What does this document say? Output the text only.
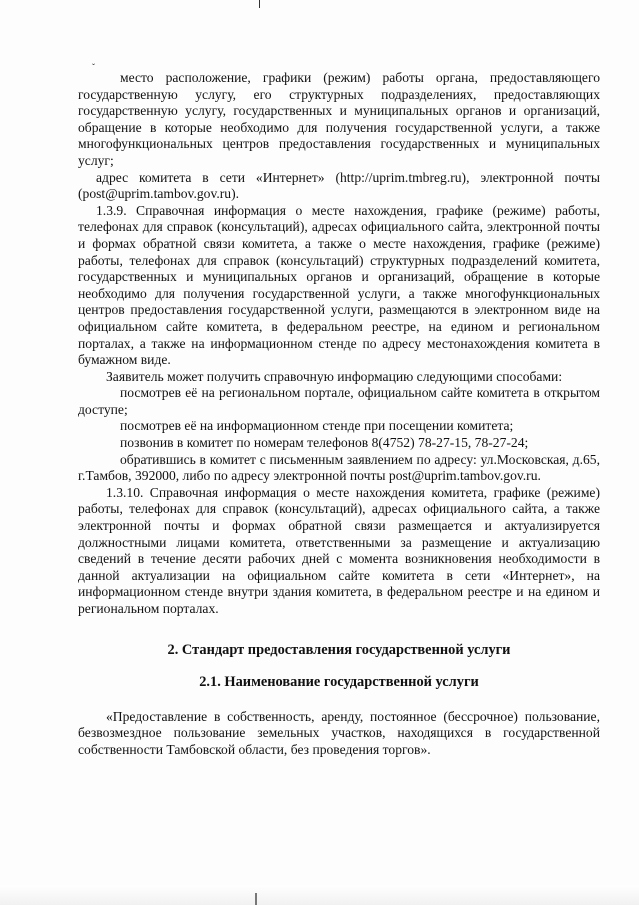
ˇ

место расположение, графики (режим) работы органа, предоставляющего государственную услугу, его структурных подразделениях, предоставляющих государственную услугу, государственных и муниципальных органов и организаций, обращение в которые необходимо для получения государственной услуги, а также многофункциональных центров предоставления государственных и муниципальных услуг;

адрес комитета в сети «Интернет» (http://uprim.tmbreg.ru), электронной почты (post@uprim.tambov.gov.ru).

1.3.9. Справочная информация о месте нахождения, графике (режиме) работы, телефонах для справок (консультаций), адресах официального сайта, электронной почты и формах обратной связи комитета, а также о месте нахождения, графике (режиме) работы, телефонах для справок (консультаций) структурных подразделений комитета, государственных и муниципальных органов и организаций, обращение в которые необходимо для получения государственной услуги, а также многофункциональных центров предоставления государственной услуги, размещаются в электронном виде на официальном сайте комитета, в федеральном реестре, на едином и региональном порталах, а также на информационном стенде по адресу местонахождения комитета в бумажном виде.

Заявитель может получить справочную информацию следующими способами:

посмотрев её на региональном портале, официальном сайте комитета в открытом доступе;

посмотрев её на информационном стенде при посещении комитета;

позвонив в комитет по номерам телефонов 8(4752) 78-27-15, 78-27-24;

обратившись в комитет с письменным заявлением по адресу: ул.Московская, д.65, г.Тамбов, 392000, либо по адресу электронной почты post@uprim.tambov.gov.ru.

1.3.10. Справочная информация о месте нахождения комитета, графике (режиме) работы, телефонах для справок (консультаций), адресах официального сайта, а также электронной почты и формах обратной связи размещается и актуализируется должностными лицами комитета, ответственными за размещение и актуализацию сведений в течение десяти рабочих дней с момента возникновения необходимости в данной актуализации на официальном сайте комитета в сети «Интернет», на информационном стенде внутри здания комитета, в федеральном реестре и на едином и региональном порталах.

2. Стандарт предоставления государственной услуги

2.1. Наименование государственной услуги

«Предоставление в собственность, аренду, постоянное (бессрочное) пользование, безвозмездное пользование земельных участков, находящихся в государственной собственности Тамбовской области, без проведения торгов».
